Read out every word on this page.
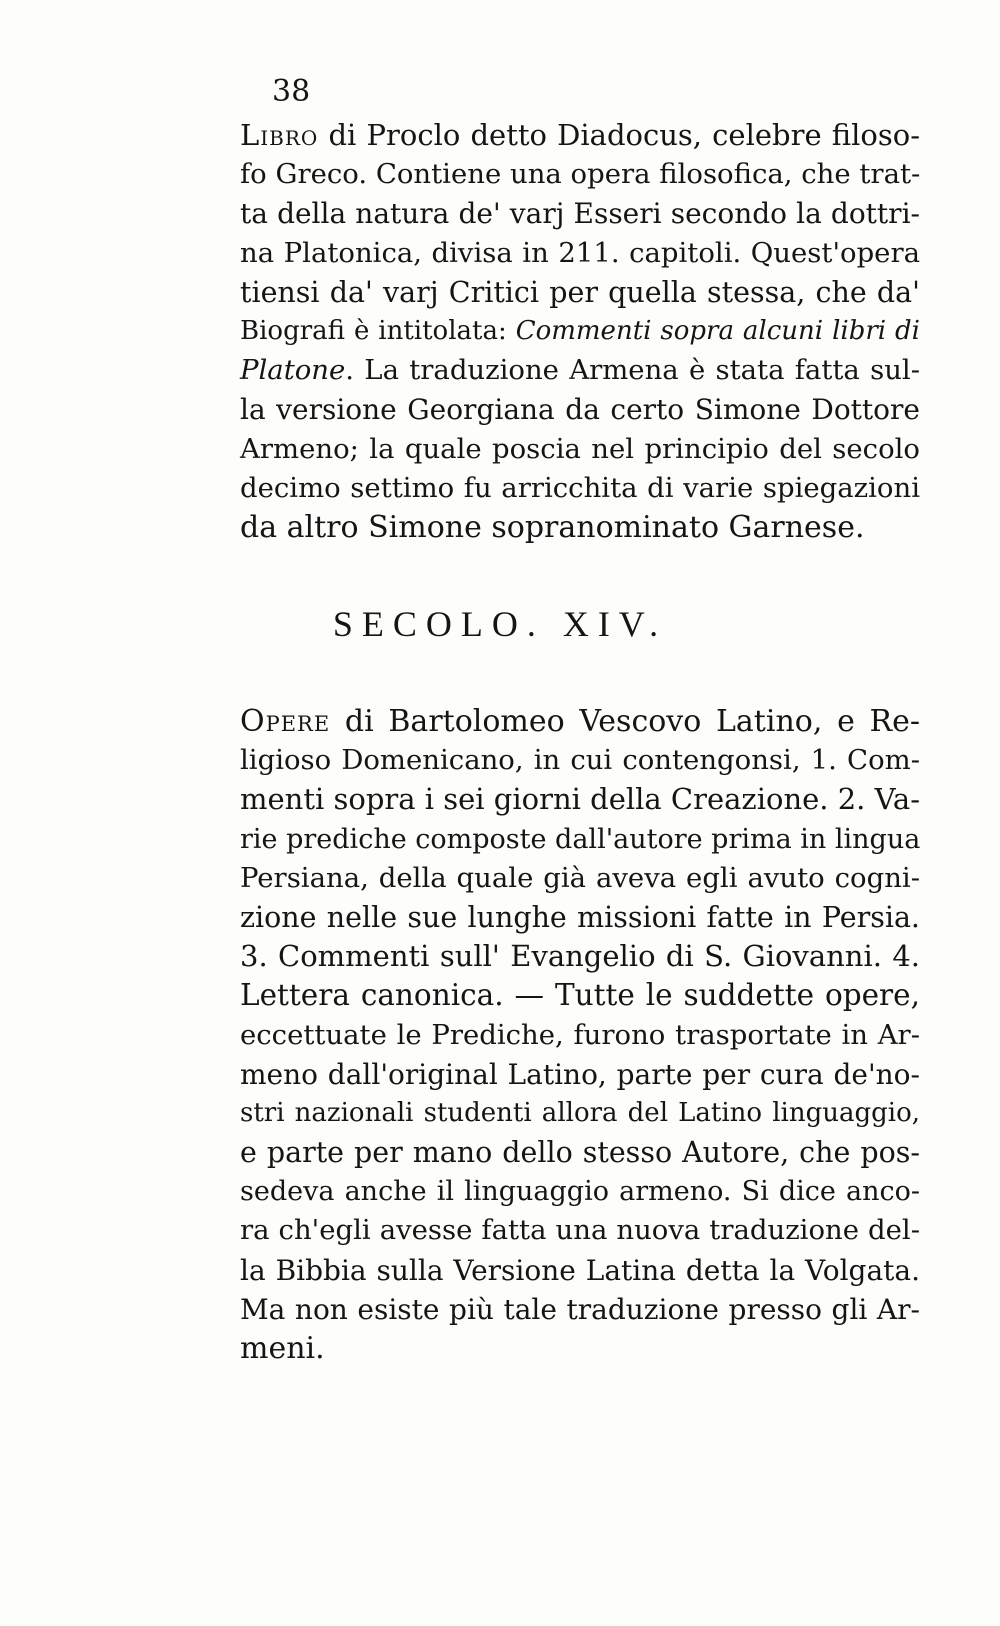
38
Libro di Proclo detto Diadocus, celebre filoso-
fo Greco. Contiene una opera filosofica, che trat-
ta della natura de' varj Esseri secondo la dottri-
na Platonica, divisa in 211. capitoli. Quest'opera
tiensi da' varj Critici per quella stessa, che da'
Biografi è intitolata: Commenti sopra alcuni libri di
Platone. La traduzione Armena è stata fatta sul-
la versione Georgiana da certo Simone Dottore
Armeno; la quale poscia nel principio del secolo
decimo settimo fu arricchita di varie spiegazioni
da altro Simone sopranominato Garnese.
SECOLO. XIV.
Opere di Bartolomeo Vescovo Latino, e Re-
ligioso Domenicano, in cui contengonsi, 1. Com-
menti sopra i sei giorni della Creazione. 2. Va-
rie prediche composte dall'autore prima in lingua
Persiana, della quale già aveva egli avuto cogni-
zione nelle sue lunghe missioni fatte in Persia.
3. Commenti sull' Evangelio di S. Giovanni. 4.
Lettera canonica. — Tutte le suddette opere,
eccettuate le Prediche, furono trasportate in Ar-
meno dall'original Latino, parte per cura de'no-
stri nazionali studenti allora del Latino linguaggio,
e parte per mano dello stesso Autore, che pos-
sedeva anche il linguaggio armeno. Si dice anco-
ra ch'egli avesse fatta una nuova traduzione del-
la Bibbia sulla Versione Latina detta la Volgata.
Ma non esiste più tale traduzione presso gli Ar-
meni.
